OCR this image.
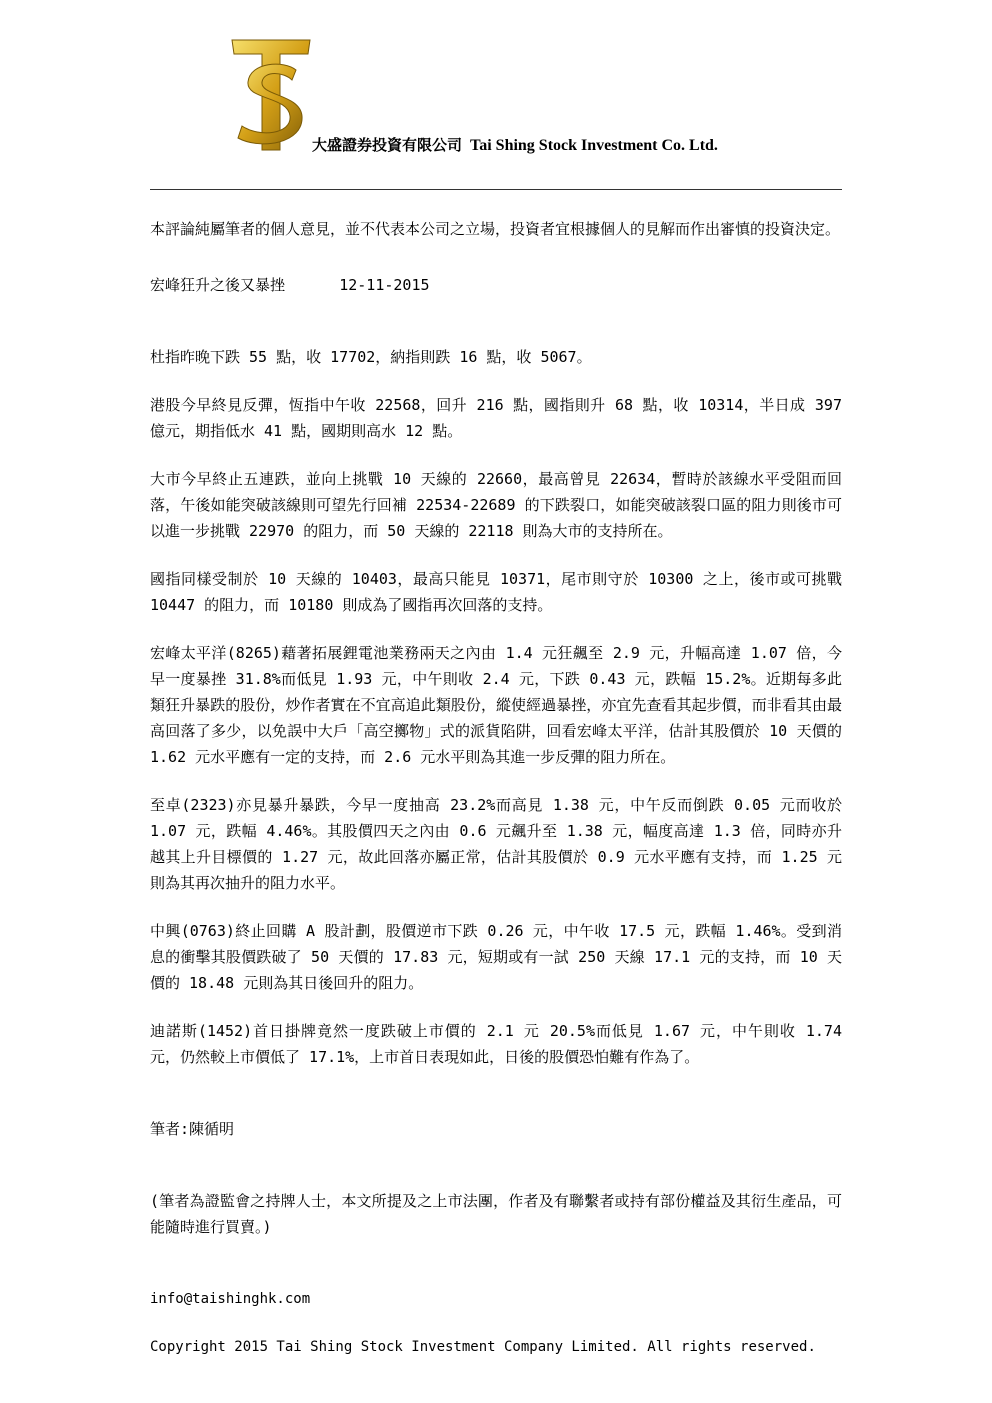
大盛證券投資有限公司 Tai Shing Stock Investment Co. Ltd.

本評論純屬筆者的個人意見，並不代表本公司之立場，投資者宜根據個人的見解而作出審慎的投資決定。

宏峰狂升之後又暴挫	12-11-2015

杜指昨晚下跌 55 點，收 17702，納指則跌 16 點，收 5067。

港股今早終見反彈，恆指中午收 22568，回升 216 點，國指則升 68 點，收 10314，半日成 397 億元，期指低水 41 點，國期則高水 12 點。

大市今早終止五連跌，並向上挑戰 10 天線的 22660，最高曾見 22634，暫時於該線水平受阻而回落，午後如能突破該線則可望先行回補 22534-22689 的下跌裂口，如能突破該裂口區的阻力則後市可以進一步挑戰 22970 的阻力，而 50 天線的 22118 則為大市的支持所在。

國指同樣受制於 10 天線的 10403，最高只能見 10371，尾市則守於 10300 之上，後市或可挑戰 10447 的阻力，而 10180 則成為了國指再次回落的支持。

宏峰太平洋(8265)藉著拓展鋰電池業務兩天之內由 1.4 元狂飆至 2.9 元，升幅高達 1.07 倍，今早一度暴挫 31.8%而低見 1.93 元，中午則收 2.4 元，下跌 0.43 元，跌幅 15.2%。近期每多此類狂升暴跌的股份，炒作者實在不宜高追此類股份，縱使經過暴挫，亦宜先查看其起步價，而非看其由最高回落了多少，以免誤中大戶「高空擲物」式的派貨陷阱，回看宏峰太平洋，估計其股價於 10 天價的 1.62 元水平應有一定的支持，而 2.6 元水平則為其進一步反彈的阻力所在。

至卓(2323)亦見暴升暴跌，今早一度抽高 23.2%而高見 1.38 元，中午反而倒跌 0.05 元而收於 1.07 元，跌幅 4.46%。其股價四天之內由 0.6 元飆升至 1.38 元，幅度高達 1.3 倍，同時亦升越其上升目標價的 1.27 元，故此回落亦屬正常，估計其股價於 0.9 元水平應有支持，而 1.25 元則為其再次抽升的阻力水平。

中興(0763)終止回購 A 股計劃，股價逆市下跌 0.26 元，中午收 17.5 元，跌幅 1.46%。受到消息的衝擊其股價跌破了 50 天價的 17.83 元，短期或有一試 250 天線 17.1 元的支持，而 10 天價的 18.48 元則為其日後回升的阻力。

迪諾斯(1452)首日掛牌竟然一度跌破上市價的 2.1 元 20.5%而低見 1.67 元，中午則收 1.74 元，仍然較上市價低了 17.1%，上市首日表現如此，日後的股價恐怕難有作為了。

筆者:陳循明

(筆者為證監會之持牌人士，本文所提及之上市法團，作者及有聯繫者或持有部份權益及其衍生產品，可能隨時進行買賣。)

info@taishinghk.com

Copyright 2015 Tai Shing Stock Investment Company Limited. All rights reserved.
